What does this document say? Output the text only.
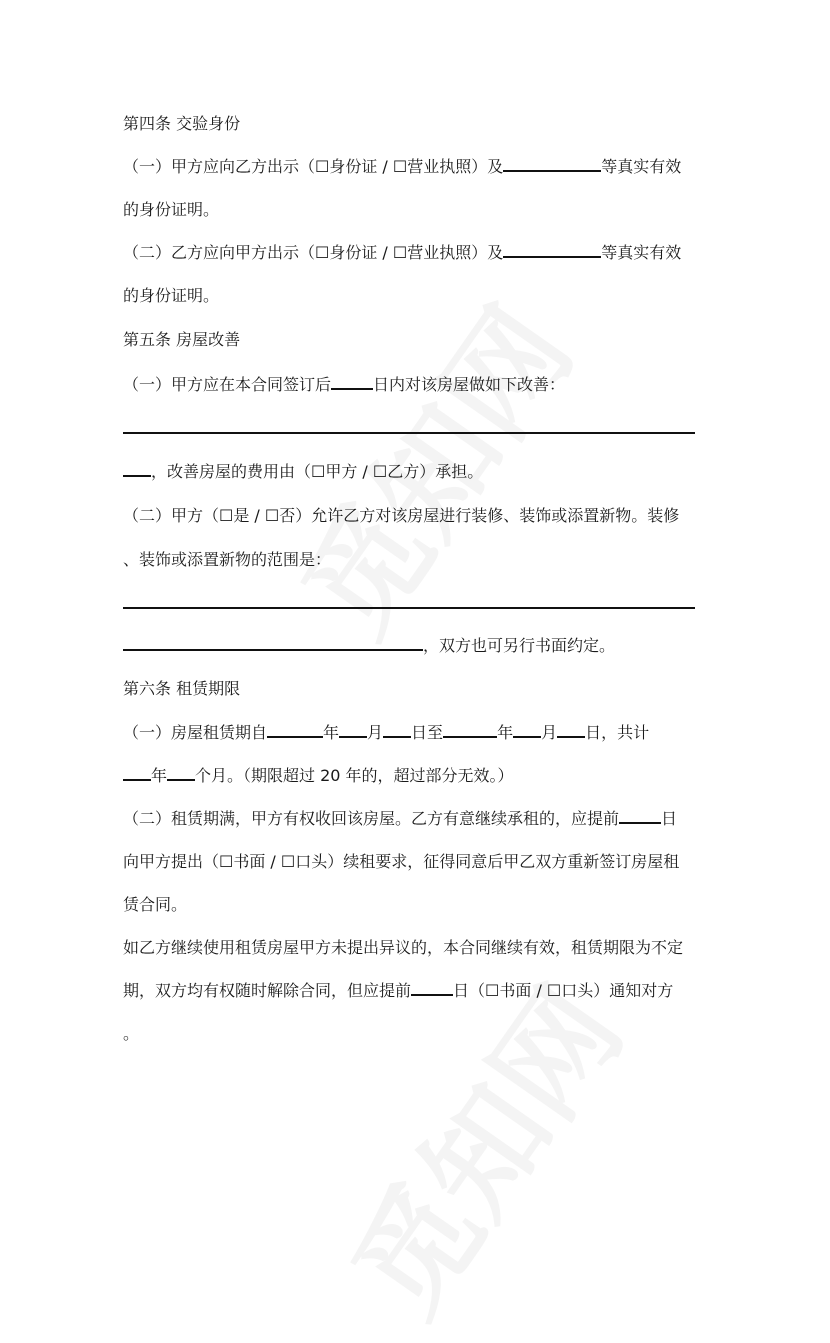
第四条 交验身份
（一）甲方应向乙方出示（☐身份证 / ☐营业执照）及	等真实有效
的身份证明。
（二）乙方应向甲方出示（☐身份证 / ☐营业执照）及	等真实有效
的身份证明。
第五条 房屋改善
（一）甲方应在本合同签订后	日内对该房屋做如下改善：
，改善房屋的费用由（☐甲方 / ☐乙方）承担。
（二）甲方（☐是 / ☐否）允许乙方对该房屋进行装修、装饰或添置新物。装修
、装饰或添置新物的范围是：
，双方也可另行书面约定。
第六条 租赁期限
（一）房屋租赁期自	年 月 日至	年 月 日，共计
年 个月。（期限超过 20 年的，超过部分无效。）
（二）租赁期满，甲方有权收回该房屋。乙方有意继续承租的，应提前	日
向甲方提出（☐书面 / ☐口头）续租要求，征得同意后甲乙双方重新签订房屋租
赁合同。
如乙方继续使用租赁房屋甲方未提出异议的，本合同继续有效，租赁期限为不定
期，双方均有权随时解除合同，但应提前	日（☐书面 / ☐口头）通知对方
。
